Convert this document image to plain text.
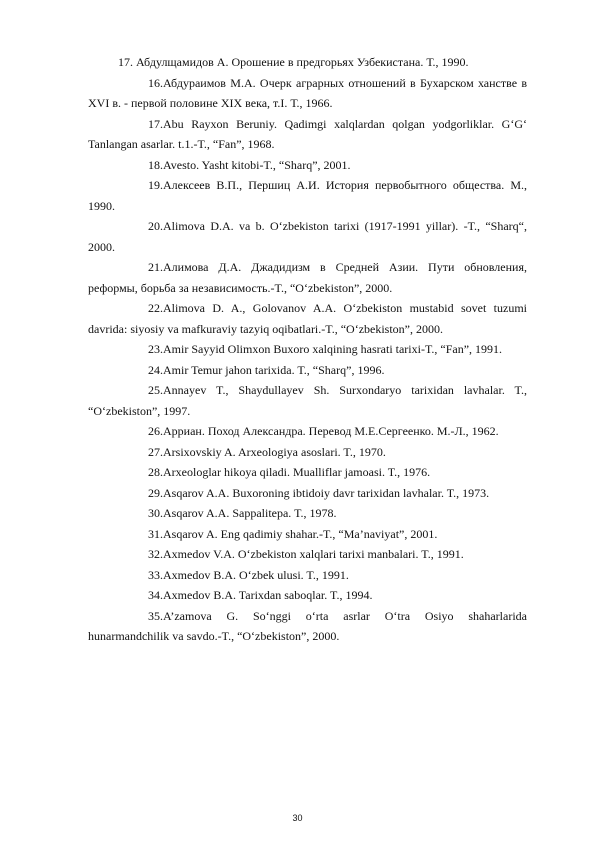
17. Абдулщамидов А. Орошение в предгорьях Узбекистана. Т., 1990.

16.Абдураимов М.А. Очерк аграрных отношений в Бухарском ханстве в XVI в. - первой половине XIX века, т.I. Т., 1966.

17.Abu Rayxon Beruniy. Qadimgi xalqlardan qolgan yodgorliklar. G‘G‘ Tanlangan asarlar. t.1.-T., “Fan”, 1968.

18.Avesto. Yasht kitobi-T., “Sharq”, 2001.

19.Алексеев В.П., Першиц А.И. История первобытного общества. М., 1990.

20.Alimova D.A. va b. O‘zbekiston tarixi (1917-1991 yillar). -T., “Sharq“, 2000.

21.Алимова Д.А. Джадидизм в Средней Азии. Пути обновления, реформы, борьба за независимость.-T., “O‘zbekiston”, 2000.

22.Alimova D. A., Golovanov A.A. O‘zbekiston mustabid sovet tuzumi davrida: siyosiy va mafkuraviy tazyiq oqibatlari.-T., “O‘zbekiston”, 2000.

23.Amir Sayyid Olimxon Buxoro xalqining hasrati tarixi-T., “Fan”, 1991.

24.Amir Temur jahon tarixida. T., “Sharq”, 1996.

25.Annayev T., Shaydullayev Sh. Surxondaryo tarixidan lavhalar. T., “O‘zbekiston”, 1997.

26.Арриан. Поход Александра. Перевод М.Е.Сергеенко. М.-Л., 1962.

27.Arsixovskiy A. Arxeologiya asoslari. T., 1970.

28.Arxeologlar hikoya qiladi. Mualliflar jamoasi. T., 1976.

29.Asqarov A.A. Buxoroning ibtidoiy davr tarixidan lavhalar. T., 1973.

30.Asqarov A.A. Sappalitepa. T., 1978.

31.Asqarov A. Eng qadimiy shahar.-T., “Ma’naviyat”, 2001.

32.Axmedov V.A. O‘zbekiston xalqlari tarixi manbalari. T., 1991.

33.Axmedov B.A. O‘zbek ulusi. T., 1991.

34.Axmedov B.A. Tarixdan saboqlar. T., 1994.

35.A’zamova G. So‘nggi o‘rta asrlar O‘tra Osiyo shaharlarida hunarmandchilik va savdo.-T., “O‘zbekiston”, 2000.

30
